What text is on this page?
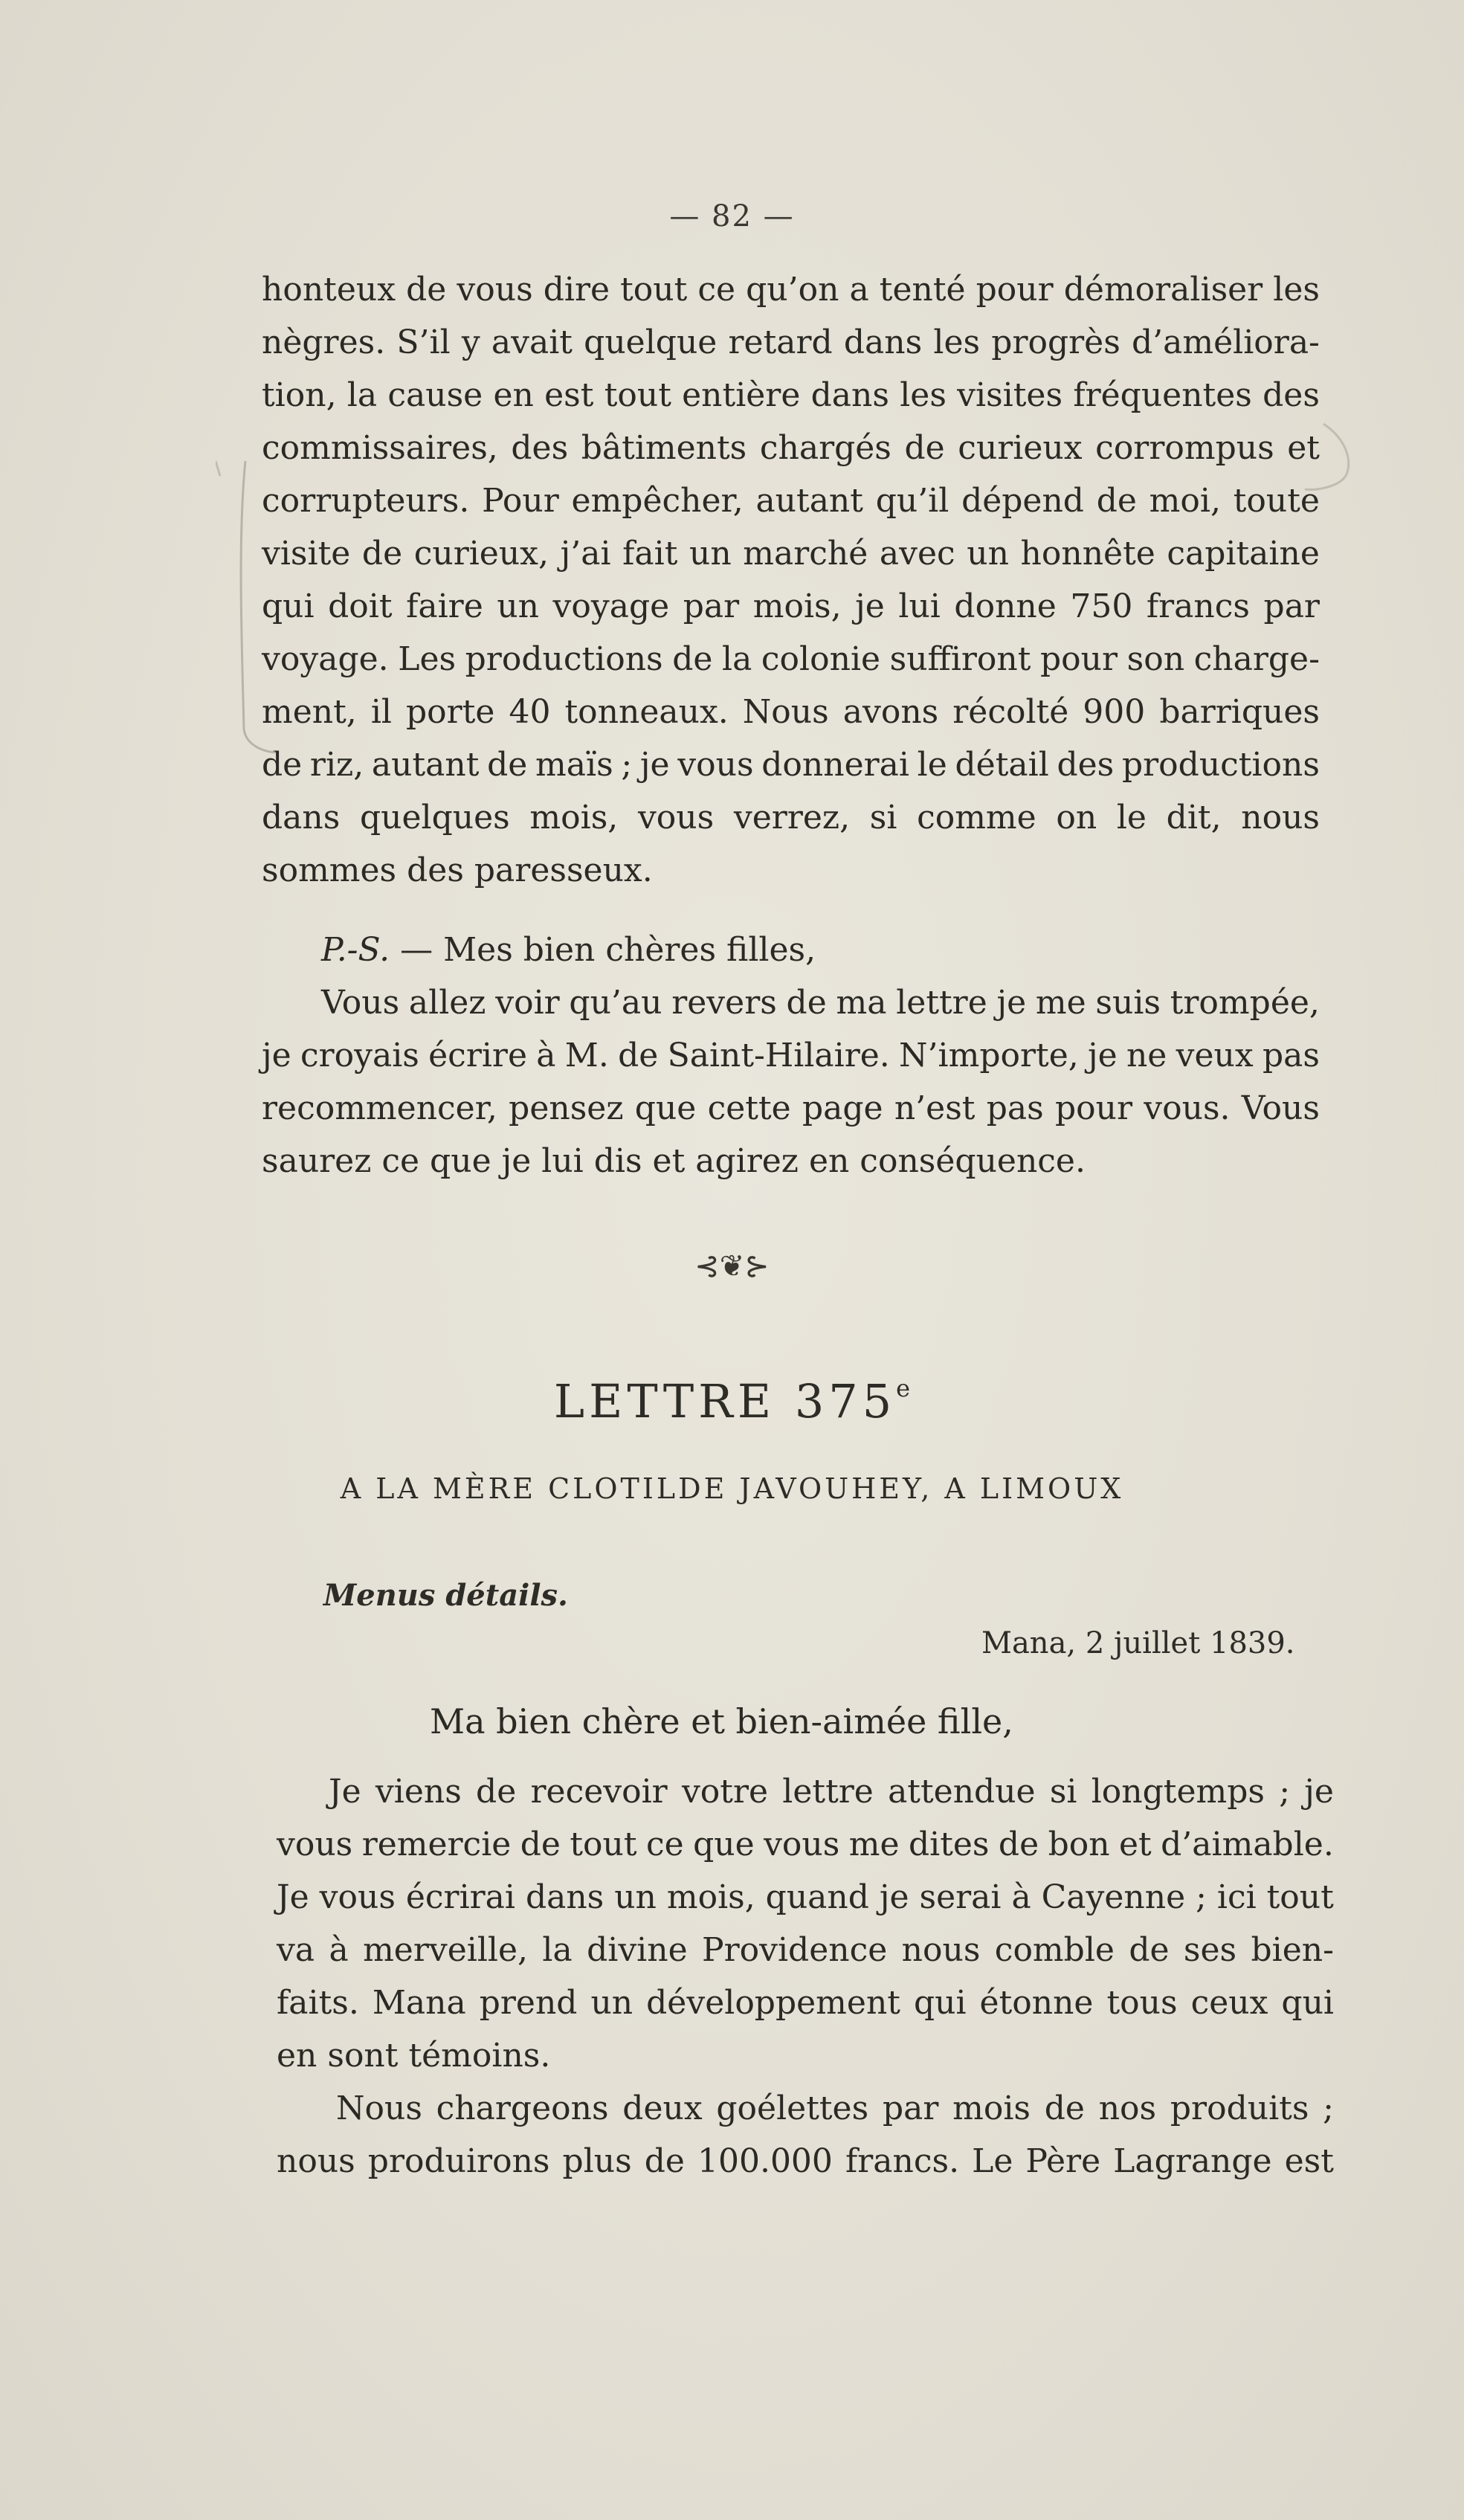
— 82 —
honteux de vous dire tout ce qu’on a tenté pour démoraliser les
nègres. S’il y avait quelque retard dans les progrès d’améliora-
tion, la cause en est tout entière dans les visites fréquentes des
commissaires, des bâtiments chargés de curieux corrompus et
corrupteurs. Pour empêcher, autant qu’il dépend de moi, toute
visite de curieux, j’ai fait un marché avec un honnête capitaine
qui doit faire un voyage par mois, je lui donne 750 francs par
voyage. Les productions de la colonie suffiront pour son charge-
ment, il porte 40 tonneaux. Nous avons récolté 900 barriques
de riz, autant de maïs ; je vous donnerai le détail des productions
dans quelques mois, vous verrez, si comme on le dit, nous
sommes des paresseux.
P.-S. — Mes bien chères filles,
Vous allez voir qu’au revers de ma lettre je me suis trompée,
je croyais écrire à M. de Saint-Hilaire. N’importe, je ne veux pas
recommencer, pensez que cette page n’est pas pour vous. Vous
saurez ce que je lui dis et agirez en conséquence.
⊰❦⊱
LETTRE 375e
A LA MÈRE CLOTILDE JAVOUHEY, A LIMOUX
Menus détails.
Mana, 2 juillet 1839.
Ma bien chère et bien-aimée fille,
Je viens de recevoir votre lettre attendue si longtemps ; je
vous remercie de tout ce que vous me dites de bon et d’aimable.
Je vous écrirai dans un mois, quand je serai à Cayenne ; ici tout
va à merveille, la divine Providence nous comble de ses bien-
faits. Mana prend un développement qui étonne tous ceux qui
en sont témoins.
Nous chargeons deux goélettes par mois de nos produits ;
nous produirons plus de 100.000 francs. Le Père Lagrange est
